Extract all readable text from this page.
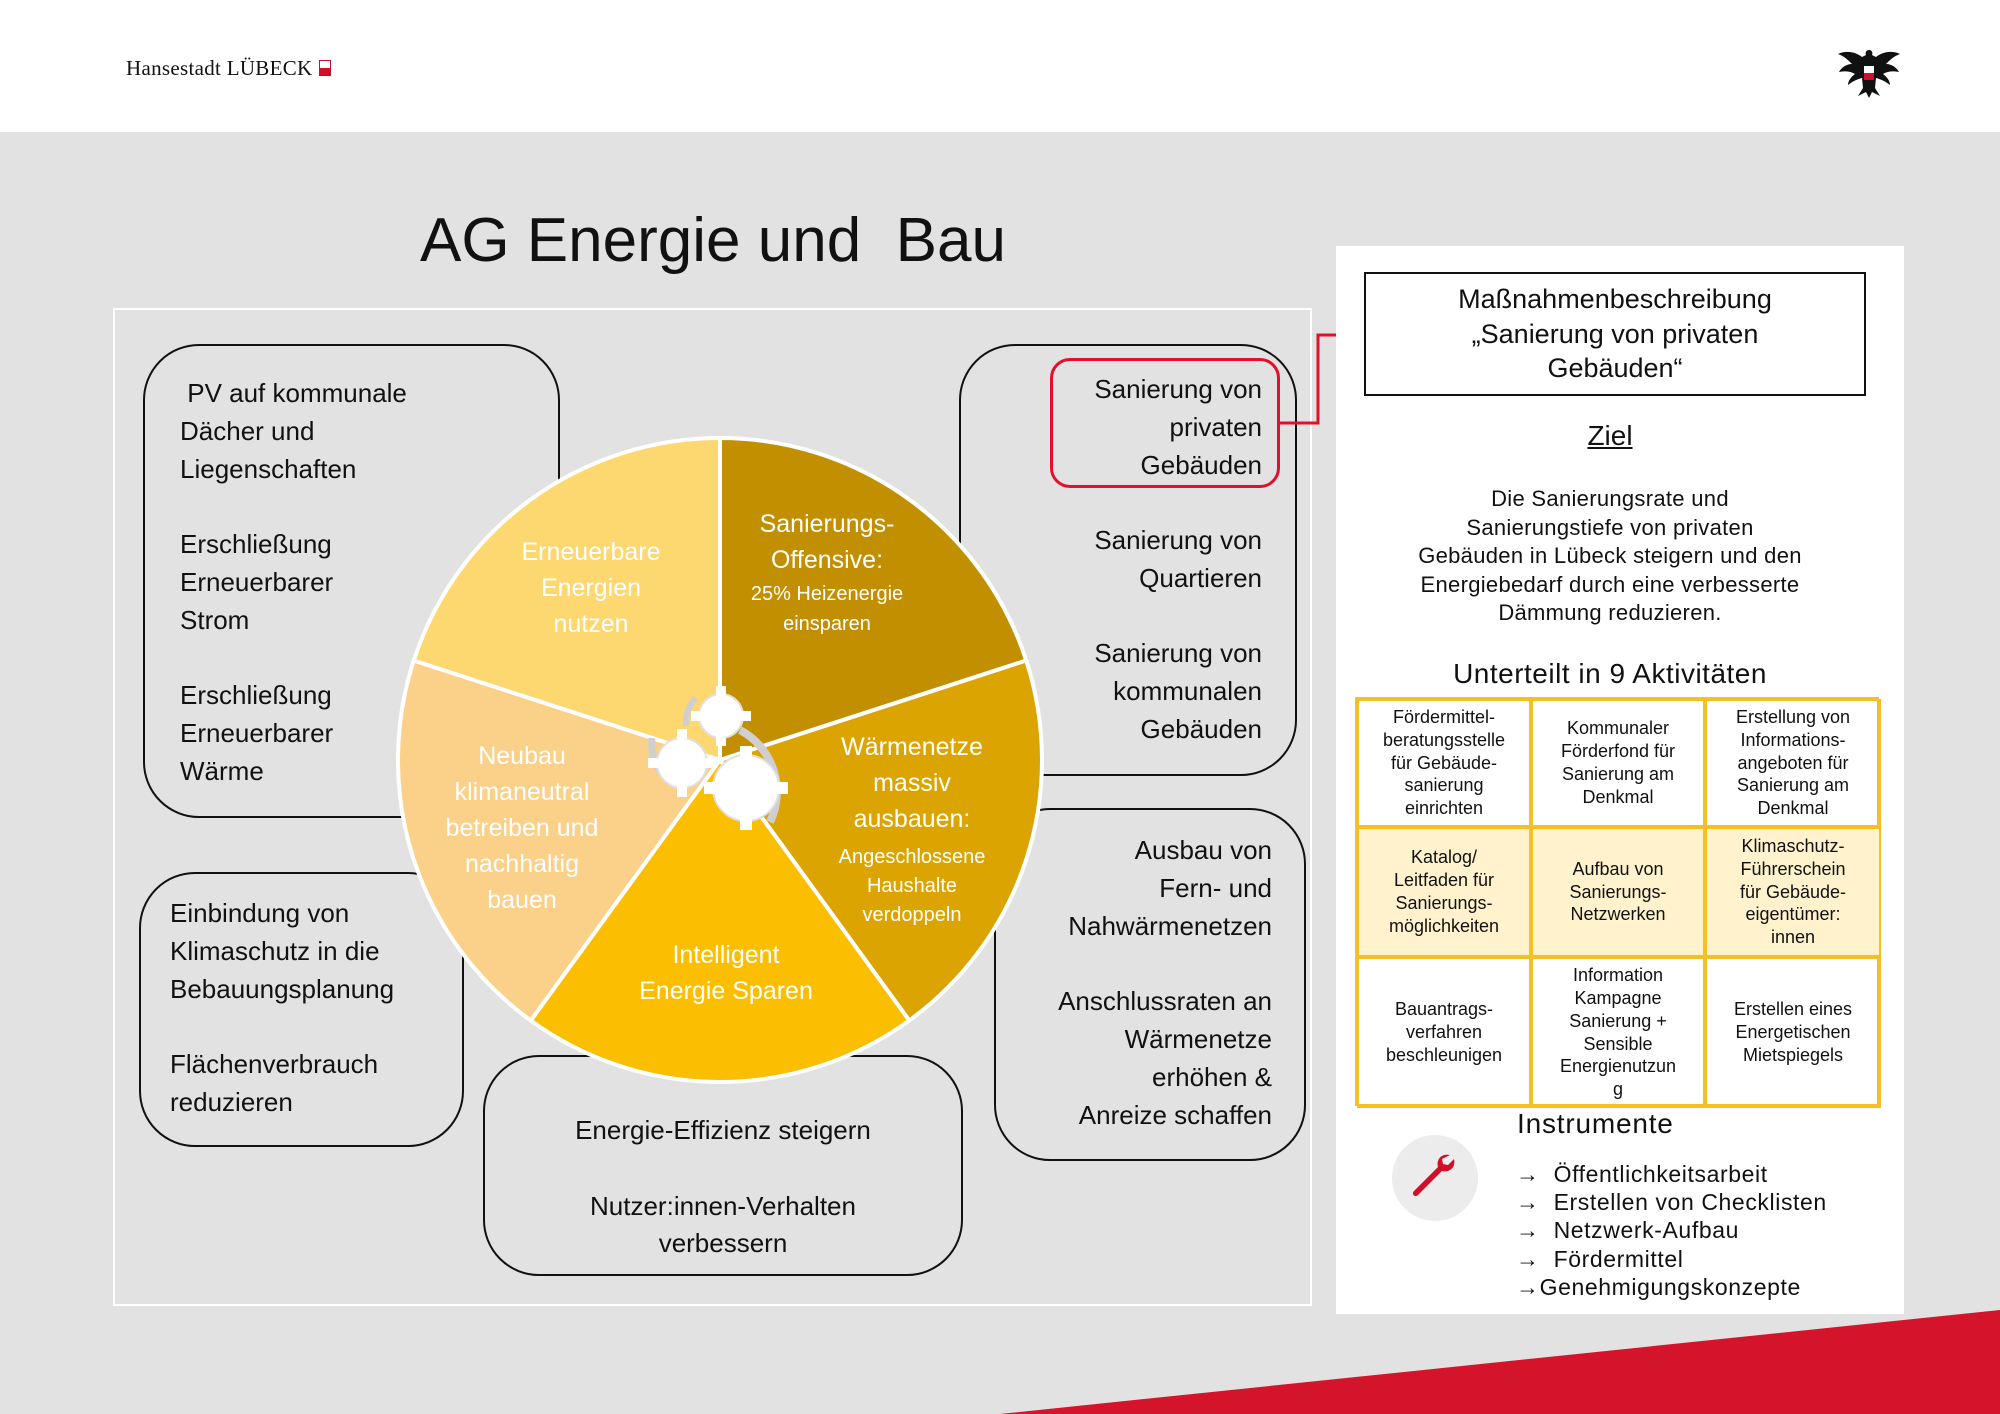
Hansestadt LÜBECK
AG Energie und  Bau
PV auf kommunale
Dächer und
Liegenschaften

Erschließung
Erneuerbarer
Strom

Erschließung
Erneuerbarer
Wärme
Sanierung von
privaten
Gebäuden
Sanierung von
Quartieren

Sanierung von
kommunalen
Gebäuden
Einbindung von
Klimaschutz in die
Bebauungsplanung

Flächenverbrauch
reduzieren
Energie-Effizienz steigern

Nutzer:innen-Verhalten
verbessern
Ausbau von
Fern- und
Nahwärmenetzen

Anschlussraten an
Wärmenetze
erhöhen &
Anreize schaffen
Sanierungs-Offensive: 25% Heizenergie einsparen
Wärmenetze massiv ausbauen: Angeschlossene Haushalte verdoppeln
Intelligent Energie Sparen
Neubau klimaneutral betreiben und nachhaltig bauen
Erneuerbare Energien nutzen
Maßnahmenbeschreibung
„Sanierung von privaten
Gebäuden“
Ziel
Die Sanierungsrate und
Sanierungstiefe von privaten
Gebäuden in Lübeck steigern und den
Energiebedarf durch eine verbesserte
Dämmung reduzieren.
Unterteilt in 9 Aktivitäten
Fördermittel-
beratungsstelle
für Gebäude-
sanierung
einrichten
Kommunaler
Förderfond für
Sanierung am
Denkmal
Erstellung von
Informations-
angeboten für
Sanierung am
Denkmal
Katalog/
Leitfaden für
Sanierungs-
möglichkeiten
Aufbau von
Sanierungs-
Netzwerken
Klimaschutz-
Führerschein
für Gebäude-
eigentümer:
innen
Bauantrags-
verfahren
beschleunigen
Information
Kampagne
Sanierung +
Sensible
Energienutzun
g
Erstellen eines
Energetischen
Mietspiegels
Instrumente
→  Öffentlichkeitsarbeit
→  Erstellen von Checklisten
→  Netzwerk-Aufbau
→  Fördermittel
→Genehmigungskonzepte
